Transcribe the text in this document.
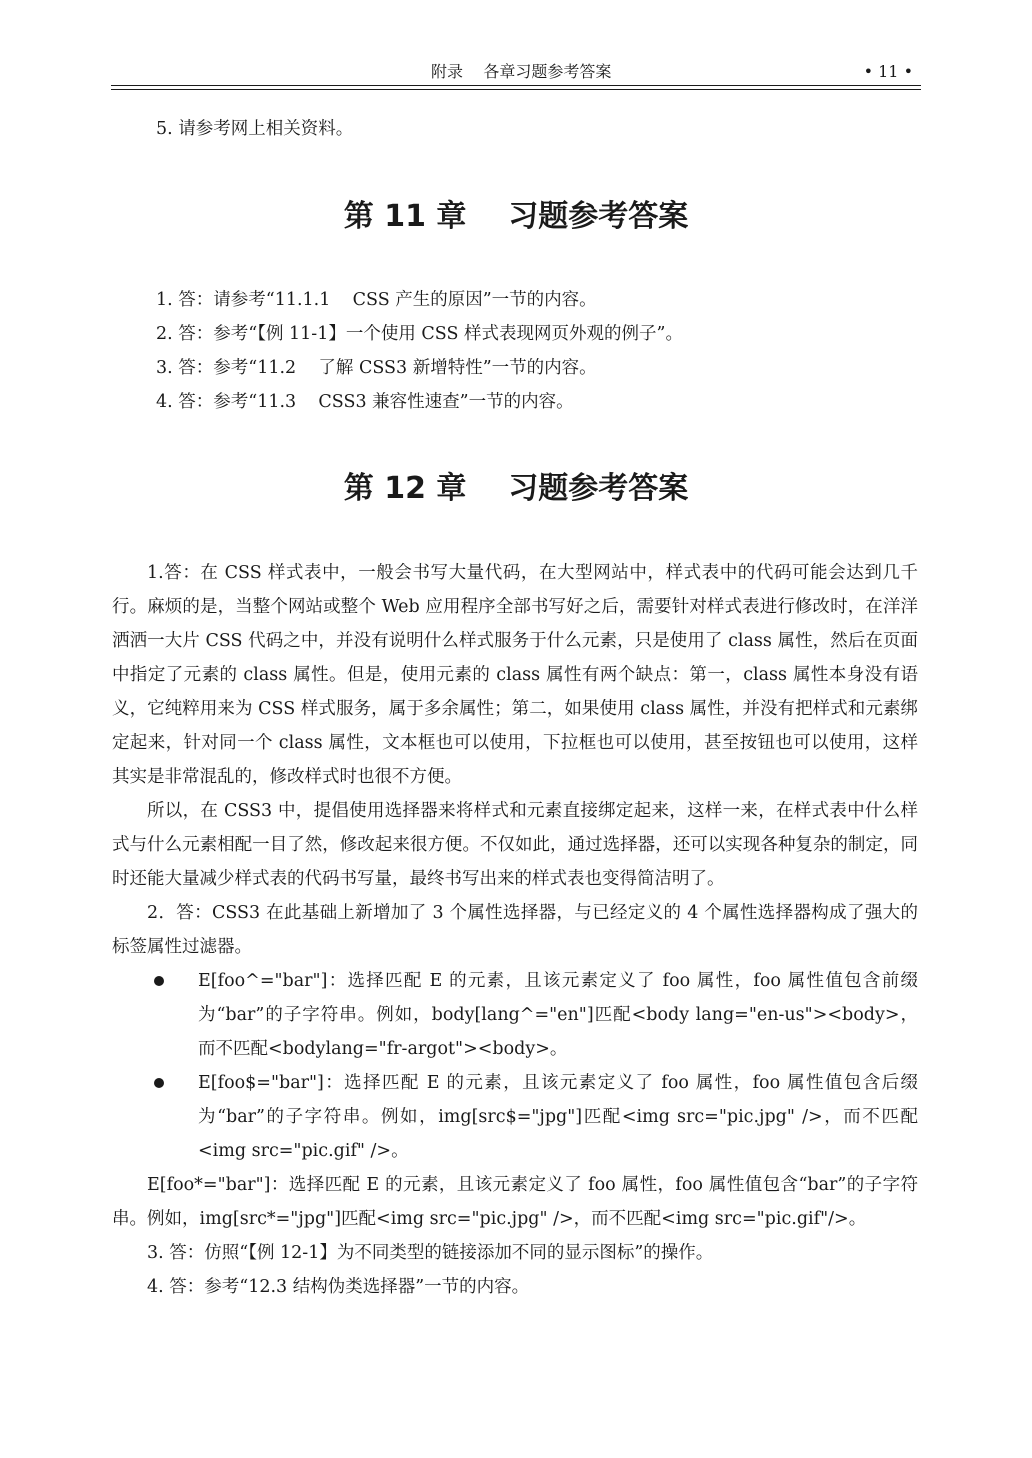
附录    各章习题参考答案	• 11 •
5. 请参考网上相关资料。
第 11 章    习题参考答案
1. 答：请参考“11.1.1    CSS 产生的原因”一节的内容。
2. 答：参考“【例 11-1】一个使用 CSS 样式表现网页外观的例子”。
3. 答：参考“11.2    了解 CSS3 新增特性”一节的内容。
4. 答：参考“11.3    CSS3 兼容性速查”一节的内容。
第 12 章    习题参考答案

1.答：在 CSS 样式表中，一般会书写大量代码，在大型网站中，样式表中的代码可能会达到几千行。麻烦的是，当整个网站或整个 Web 应用程序全部书写好之后，需要针对样式表进行修改时，在洋洋洒洒一大片 CSS 代码之中，并没有说明什么样式服务于什么元素，只是使用了 class 属性，然后在页面中指定了元素的 class 属性。但是，使用元素的 class 属性有两个缺点：第一，class 属性本身没有语义，它纯粹用来为 CSS 样式服务，属于多余属性；第二，如果使用 class 属性，并没有把样式和元素绑定起来，针对同一个 class 属性，文本框也可以使用，下拉框也可以使用，甚至按钮也可以使用，这样其实是非常混乱的，修改样式时也很不方便。

所以，在 CSS3 中，提倡使用选择器来将样式和元素直接绑定起来，这样一来，在样式表中什么样式与什么元素相配一目了然，修改起来很方便。不仅如此，通过选择器，还可以实现各种复杂的制定，同时还能大量减少样式表的代码书写量，最终书写出来的样式表也变得简洁明了。

2．答：CSS3 在此基础上新增加了 3 个属性选择器，与已经定义的 4 个属性选择器构成了强大的标签属性过滤器。

E[foo^="bar"]：选择匹配 E 的元素，且该元素定义了 foo 属性，foo 属性值包含前缀为“bar”的子字符串。例如，body[lang^="en"]匹配<body lang="en-us"><body>，而不匹配<bodylang="fr-argot"><body>。
E[foo$="bar"]：选择匹配 E 的元素，且该元素定义了 foo 属性，foo 属性值包含后缀为“bar”的子字符串。例如，img[src$="jpg"]匹配<img src="pic.jpg" />，而不匹配<img src="pic.gif" />。

E[foo*="bar"]：选择匹配 E 的元素，且该元素定义了 foo 属性，foo 属性值包含“bar”的子字符串。例如，img[src*="jpg"]匹配<img src="pic.jpg" />，而不匹配<img src="pic.gif"/>。

3. 答：仿照“【例 12-1】为不同类型的链接添加不同的显示图标”的操作。

4. 答：参考“12.3 结构伪类选择器”一节的内容。
